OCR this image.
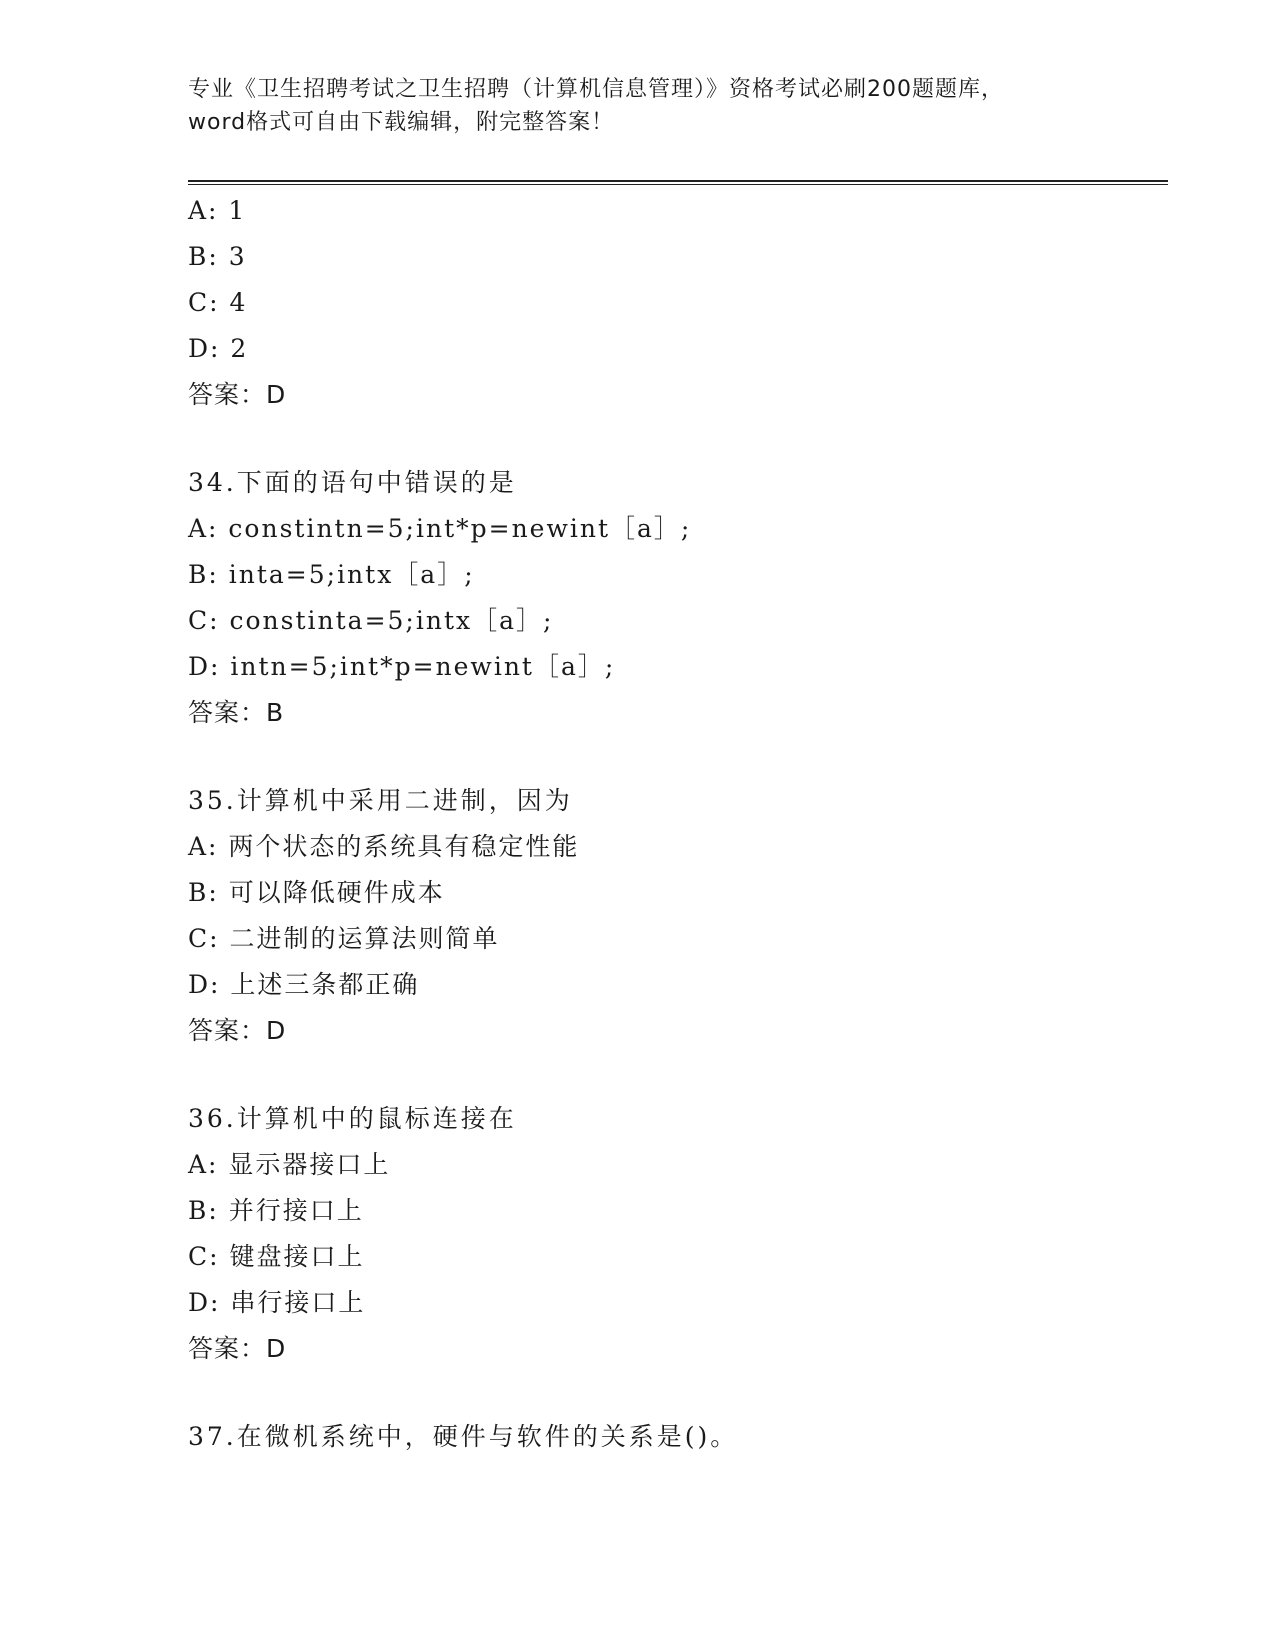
专业《卫生招聘考试之卫生招聘（计算机信息管理）》资格考试必刷200题题库，
word格式可自由下载编辑，附完整答案！
A: 1
B: 3
C: 4
D: 2
答案：D
34.下面的语句中错误的是
A: constintn=5;int*p=newint［a］;
B: inta=5;intx［a］;
C: constinta=5;intx［a］;
D: intn=5;int*p=newint［a］;
答案：B
35.计算机中采用二进制，因为
A: 两个状态的系统具有稳定性能
B: 可以降低硬件成本
C: 二进制的运算法则简单
D: 上述三条都正确
答案：D
36.计算机中的鼠标连接在
A: 显示器接口上
B: 并行接口上
C: 键盘接口上
D: 串行接口上
答案：D
37.在微机系统中，硬件与软件的关系是()。
